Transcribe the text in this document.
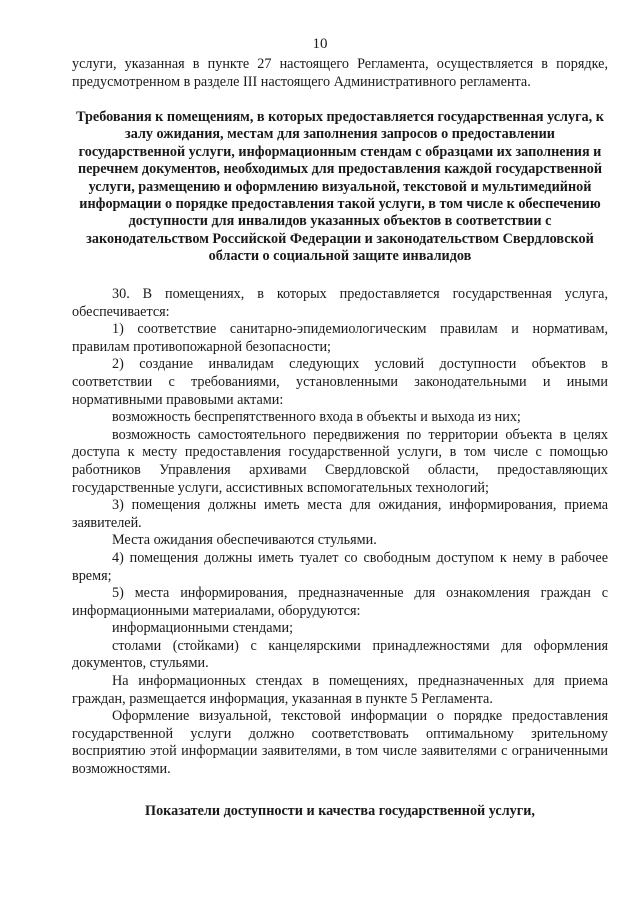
10

услуги, указанная в пункте 27 настоящего Регламента, осуществляется в порядке, предусмотренном в разделе III настоящего Административного регламента.

Требования к помещениям, в которых предоставляется государственная услуга, к залу ожидания, местам для заполнения запросов о предоставлении государственной услуги, информационным стендам с образцами их заполнения и перечнем документов, необходимых для предоставления каждой государственной услуги, размещению и оформлению визуальной, текстовой и мультимедийной информации о порядке предоставления такой услуги, в том числе к обеспечению доступности для инвалидов указанных объектов в соответствии с законодательством Российской Федерации и законодательством Свердловской области о социальной защите инвалидов

30. В помещениях, в которых предоставляется государственная услуга, обеспечивается:

1) соответствие санитарно-эпидемиологическим правилам и нормативам, правилам противопожарной безопасности;

2) создание инвалидам следующих условий доступности объектов в соответствии с требованиями, установленными законодательными и иными нормативными правовыми актами:

возможность беспрепятственного входа в объекты и выхода из них;

возможность самостоятельного передвижения по территории объекта в целях доступа к месту предоставления государственной услуги, в том числе с помощью работников Управления архивами Свердловской области, предоставляющих государственные услуги, ассистивных вспомогательных технологий;

3) помещения должны иметь места для ожидания, информирования, приема заявителей.

Места ожидания обеспечиваются стульями.

4) помещения должны иметь туалет со свободным доступом к нему в рабочее время;

5) места информирования, предназначенные для ознакомления граждан с информационными материалами, оборудуются:

информационными стендами;

столами (стойками) с канцелярскими принадлежностями для оформления документов, стульями.

На информационных стендах в помещениях, предназначенных для приема граждан, размещается информация, указанная в пункте 5 Регламента.

Оформление визуальной, текстовой информации о порядке предоставления государственной услуги должно соответствовать оптимальному зрительному восприятию этой информации заявителями, в том числе заявителями с ограниченными возможностями.

Показатели доступности и качества государственной услуги,
